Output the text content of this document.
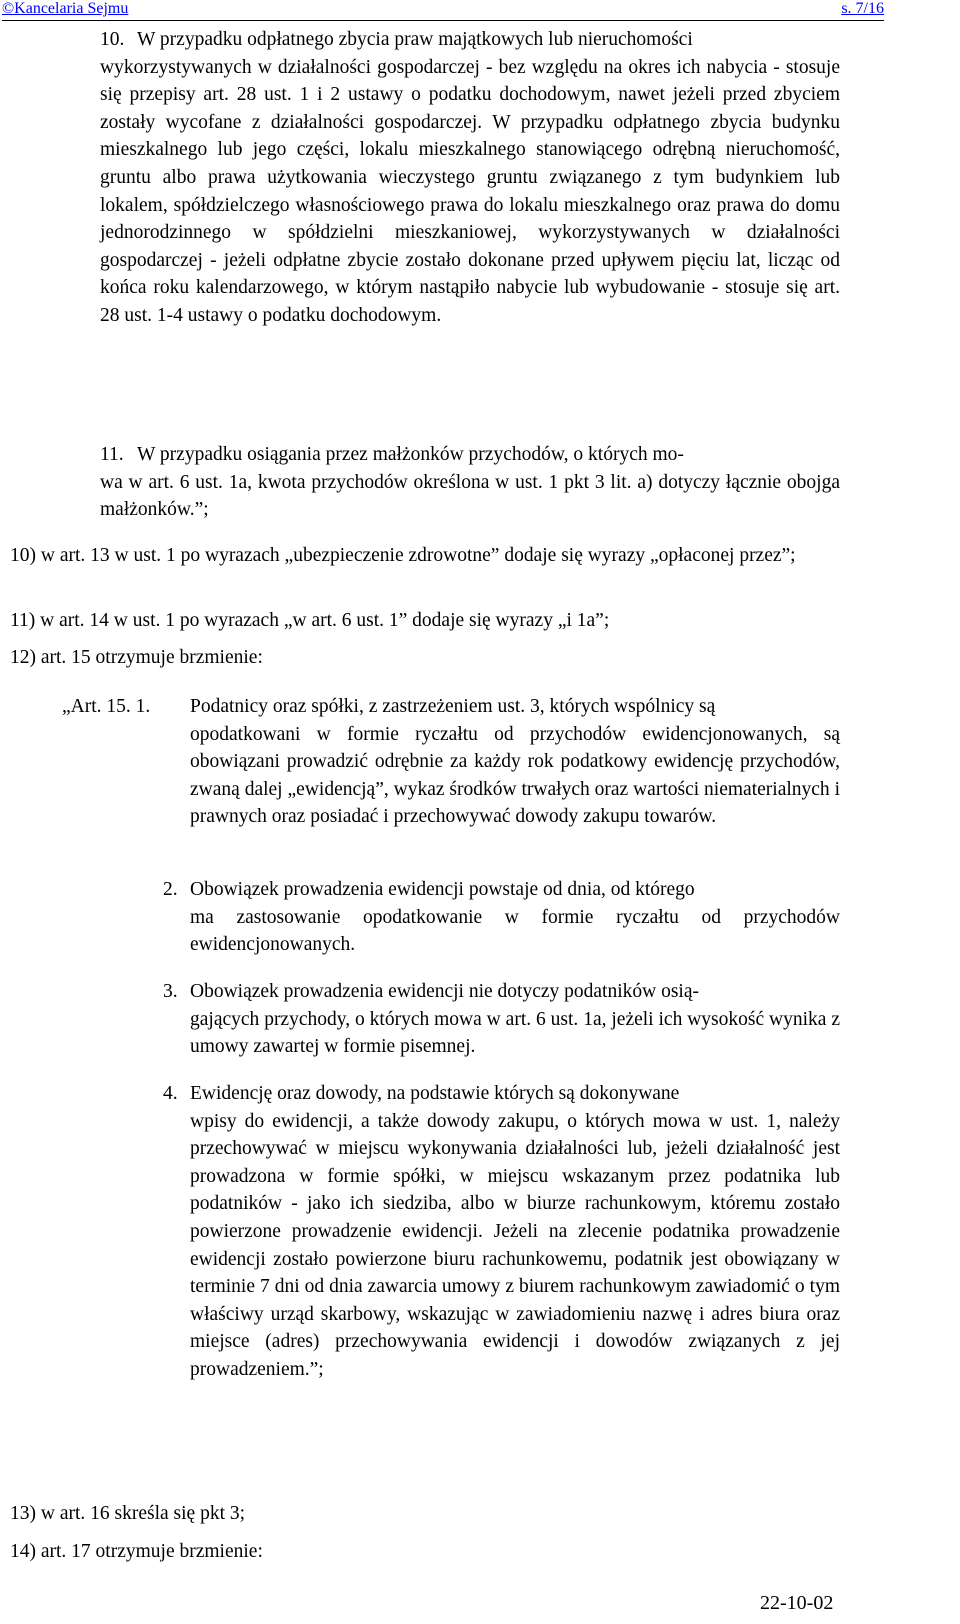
©Kancelaria Sejmu	s. 7/16
10. W przypadku odpłatnego zbycia praw majątkowych lub nieruchomości
wykorzystywanych w działalności gospodarczej - bez względu na okres ich nabycia - stosuje się przepisy art. 28 ust. 1 i 2 ustawy o podatku dochodowym, nawet jeżeli przed zbyciem zostały wycofane z działalności gospodarczej. W przypadku odpłatnego zbycia budynku mieszkalnego lub jego części, lokalu mieszkalnego stanowiącego odrębną nieruchomość, gruntu albo prawa użytkowania wieczystego gruntu związanego z tym budynkiem lub lokalem, spółdzielczego własnościowego prawa do lokalu mieszkalnego oraz prawa do domu jednorodzinnego w spółdzielni mieszkaniowej, wykorzystywanych w działalności gospodarczej - jeżeli odpłatne zbycie zostało dokonane przed upływem pięciu lat, licząc od końca roku kalendarzowego, w którym nastąpiło nabycie lub wybudowanie - stosuje się art. 28 ust. 1-4 ustawy o podatku dochodowym.
11. W przypadku osiągania przez małżonków przychodów, o których mo-
wa w art. 6 ust. 1a, kwota przychodów określona w ust. 1 pkt 3 lit. a) dotyczy łącznie obojga małżonków.”;
10) w art. 13 w ust. 1 po wyrazach „ubezpieczenie zdrowotne” dodaje się wyrazy „opłaconej przez”;
11) w art. 14 w ust. 1 po wyrazach „w art. 6 ust. 1” dodaje się wyrazy „i 1a”;
12) art. 15 otrzymuje brzmienie:
„Art. 15. 1. Podatnicy oraz spółki, z zastrzeżeniem ust. 3, których wspólnicy są
opodatkowani w formie ryczałtu od przychodów ewidencjonowanych, są obowiązani prowadzić odrębnie za każdy rok podatkowy ewidencję przychodów, zwaną dalej „ewidencją”, wykaz środków trwałych oraz wartości niematerialnych i prawnych oraz posiadać i przechowywać dowody zakupu towarów.
2. Obowiązek prowadzenia ewidencji powstaje od dnia, od którego
ma zastosowanie opodatkowanie w formie ryczałtu od przychodów ewidencjonowanych.
3. Obowiązek prowadzenia ewidencji nie dotyczy podatników osią-
gających przychody, o których mowa w art. 6 ust. 1a, jeżeli ich wysokość wynika z umowy zawartej w formie pisemnej.
4. Ewidencję oraz dowody, na podstawie których są dokonywane
wpisy do ewidencji, a także dowody zakupu, o których mowa w ust. 1, należy przechowywać w miejscu wykonywania działalności lub, jeżeli działalność jest prowadzona w formie spółki, w miejscu wskazanym przez podatnika lub podatników - jako ich siedziba, albo w biurze rachunkowym, któremu zostało powierzone prowadzenie ewidencji. Jeżeli na zlecenie podatnika prowadzenie ewidencji zostało powierzone biuru rachunkowemu, podatnik jest obowiązany w terminie 7 dni od dnia zawarcia umowy z biurem rachunkowym zawiadomić o tym właściwy urząd skarbowy, wskazując w zawiadomieniu nazwę i adres biura oraz miejsce (adres) przechowywania ewidencji i dowodów związanych z jej prowadzeniem.”;
13) w art. 16 skreśla się pkt 3;
14) art. 17 otrzymuje brzmienie:
22-10-02
